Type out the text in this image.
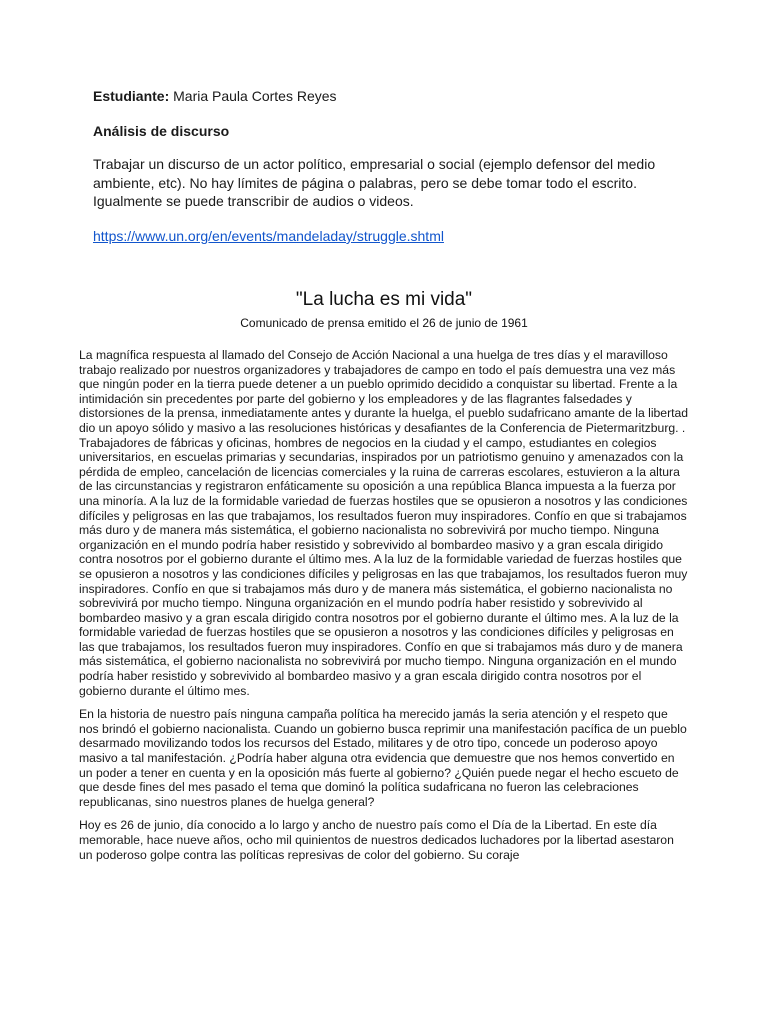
Estudiante: Maria Paula Cortes Reyes
Análisis de discurso
Trabajar un discurso de un actor político, empresarial o social (ejemplo defensor del medio ambiente, etc). No hay límites de página o palabras, pero se debe tomar todo el escrito. Igualmente se puede transcribir de audios o videos.
https://www.un.org/en/events/mandeladay/struggle.shtml
"La lucha es mi vida"
Comunicado de prensa emitido el 26 de junio de 1961

La magnífica respuesta al llamado del Consejo de Acción Nacional a una huelga de tres días y el maravilloso trabajo realizado por nuestros organizadores y trabajadores de campo en todo el país demuestra una vez más que ningún poder en la tierra puede detener a un pueblo oprimido decidido a conquistar su libertad. Frente a la intimidación sin precedentes por parte del gobierno y los empleadores y de las flagrantes falsedades y distorsiones de la prensa, inmediatamente antes y durante la huelga, el pueblo sudafricano amante de la libertad dio un apoyo sólido y masivo a las resoluciones históricas y desafiantes de la Conferencia de Pietermaritzburg. . Trabajadores de fábricas y oficinas, hombres de negocios en la ciudad y el campo, estudiantes en colegios universitarios, en escuelas primarias y secundarias, inspirados por un patriotismo genuino y amenazados con la pérdida de empleo, cancelación de licencias comerciales y la ruina de carreras escolares, estuvieron a la altura de las circunstancias y registraron enfáticamente su oposición a una república Blanca impuesta a la fuerza por una minoría. A la luz de la formidable variedad de fuerzas hostiles que se opusieron a nosotros y las condiciones difíciles y peligrosas en las que trabajamos, los resultados fueron muy inspiradores. Confío en que si trabajamos más duro y de manera más sistemática, el gobierno nacionalista no sobrevivirá por mucho tiempo. Ninguna organización en el mundo podría haber resistido y sobrevivido al bombardeo masivo y a gran escala dirigido contra nosotros por el gobierno durante el último mes. A la luz de la formidable variedad de fuerzas hostiles que se opusieron a nosotros y las condiciones difíciles y peligrosas en las que trabajamos, los resultados fueron muy inspiradores. Confío en que si trabajamos más duro y de manera más sistemática, el gobierno nacionalista no sobrevivirá por mucho tiempo. Ninguna organización en el mundo podría haber resistido y sobrevivido al bombardeo masivo y a gran escala dirigido contra nosotros por el gobierno durante el último mes. A la luz de la formidable variedad de fuerzas hostiles que se opusieron a nosotros y las condiciones difíciles y peligrosas en las que trabajamos, los resultados fueron muy inspiradores. Confío en que si trabajamos más duro y de manera más sistemática, el gobierno nacionalista no sobrevivirá por mucho tiempo. Ninguna organización en el mundo podría haber resistido y sobrevivido al bombardeo masivo y a gran escala dirigido contra nosotros por el gobierno durante el último mes.

En la historia de nuestro país ninguna campaña política ha merecido jamás la seria atención y el respeto que nos brindó el gobierno nacionalista. Cuando un gobierno busca reprimir una manifestación pacífica de un pueblo desarmado movilizando todos los recursos del Estado, militares y de otro tipo, concede un poderoso apoyo masivo a tal manifestación. ¿Podría haber alguna otra evidencia que demuestre que nos hemos convertido en un poder a tener en cuenta y en la oposición más fuerte al gobierno? ¿Quién puede negar el hecho escueto de que desde fines del mes pasado el tema que dominó la política sudafricana no fueron las celebraciones republicanas, sino nuestros planes de huelga general?

Hoy es 26 de junio, día conocido a lo largo y ancho de nuestro país como el Día de la Libertad. En este día memorable, hace nueve años, ocho mil quinientos de nuestros dedicados luchadores por la libertad asestaron un poderoso golpe contra las políticas represivas de color del gobierno. Su coraje
